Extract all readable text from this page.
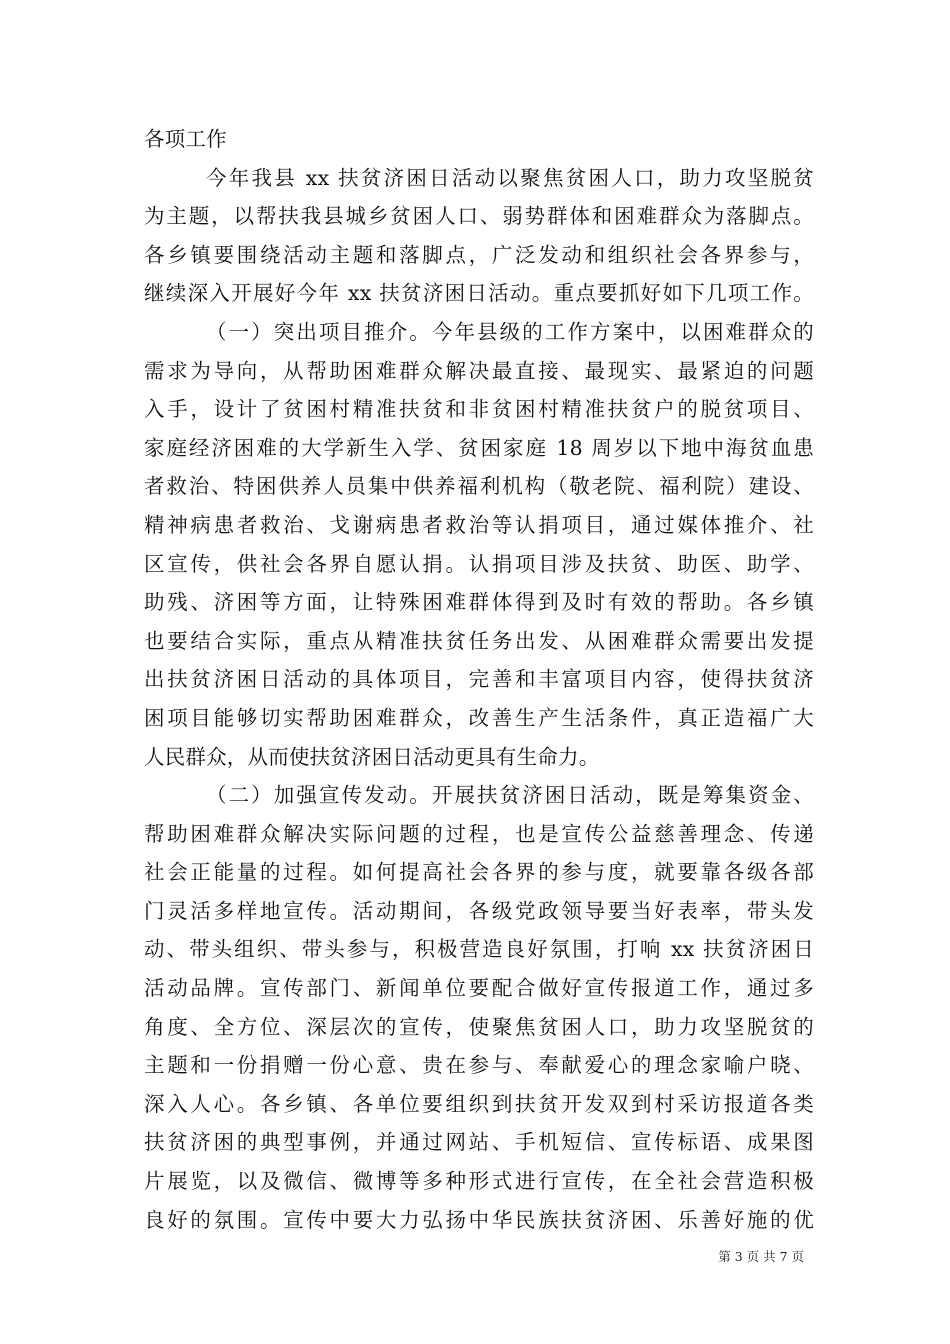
各项工作
今年我县 xx 扶贫济困日活动以聚焦贫困人口，助力攻坚脱贫
为主题，以帮扶我县城乡贫困人口、弱势群体和困难群众为落脚点。
各乡镇要围绕活动主题和落脚点，广泛发动和组织社会各界参与，
继续深入开展好今年 xx 扶贫济困日活动。重点要抓好如下几项工作。
（一）突出项目推介。今年县级的工作方案中，以困难群众的
需求为导向，从帮助困难群众解决最直接、最现实、最紧迫的问题
入手，设计了贫困村精准扶贫和非贫困村精准扶贫户的脱贫项目、
家庭经济困难的大学新生入学、贫困家庭 18 周岁以下地中海贫血患
者救治、特困供养人员集中供养福利机构（敬老院、福利院）建设、
精神病患者救治、戈谢病患者救治等认捐项目，通过媒体推介、社
区宣传，供社会各界自愿认捐。认捐项目涉及扶贫、助医、助学、
助残、济困等方面，让特殊困难群体得到及时有效的帮助。各乡镇
也要结合实际，重点从精准扶贫任务出发、从困难群众需要出发提
出扶贫济困日活动的具体项目，完善和丰富项目内容，使得扶贫济
困项目能够切实帮助困难群众，改善生产生活条件，真正造福广大
人民群众，从而使扶贫济困日活动更具有生命力。
（二）加强宣传发动。开展扶贫济困日活动，既是筹集资金、
帮助困难群众解决实际问题的过程，也是宣传公益慈善理念、传递
社会正能量的过程。如何提高社会各界的参与度，就要靠各级各部
门灵活多样地宣传。活动期间，各级党政领导要当好表率，带头发
动、带头组织、带头参与，积极营造良好氛围，打响 xx 扶贫济困日
活动品牌。宣传部门、新闻单位要配合做好宣传报道工作，通过多
角度、全方位、深层次的宣传，使聚焦贫困人口，助力攻坚脱贫的
主题和一份捐赠一份心意、贵在参与、奉献爱心的理念家喻户晓、
深入人心。各乡镇、各单位要组织到扶贫开发双到村采访报道各类
扶贫济困的典型事例，并通过网站、手机短信、宣传标语、成果图
片展览，以及微信、微博等多种形式进行宣传，在全社会营造积极
良好的氛围。宣传中要大力弘扬中华民族扶贫济困、乐善好施的优
第 3 页 共 7 页
